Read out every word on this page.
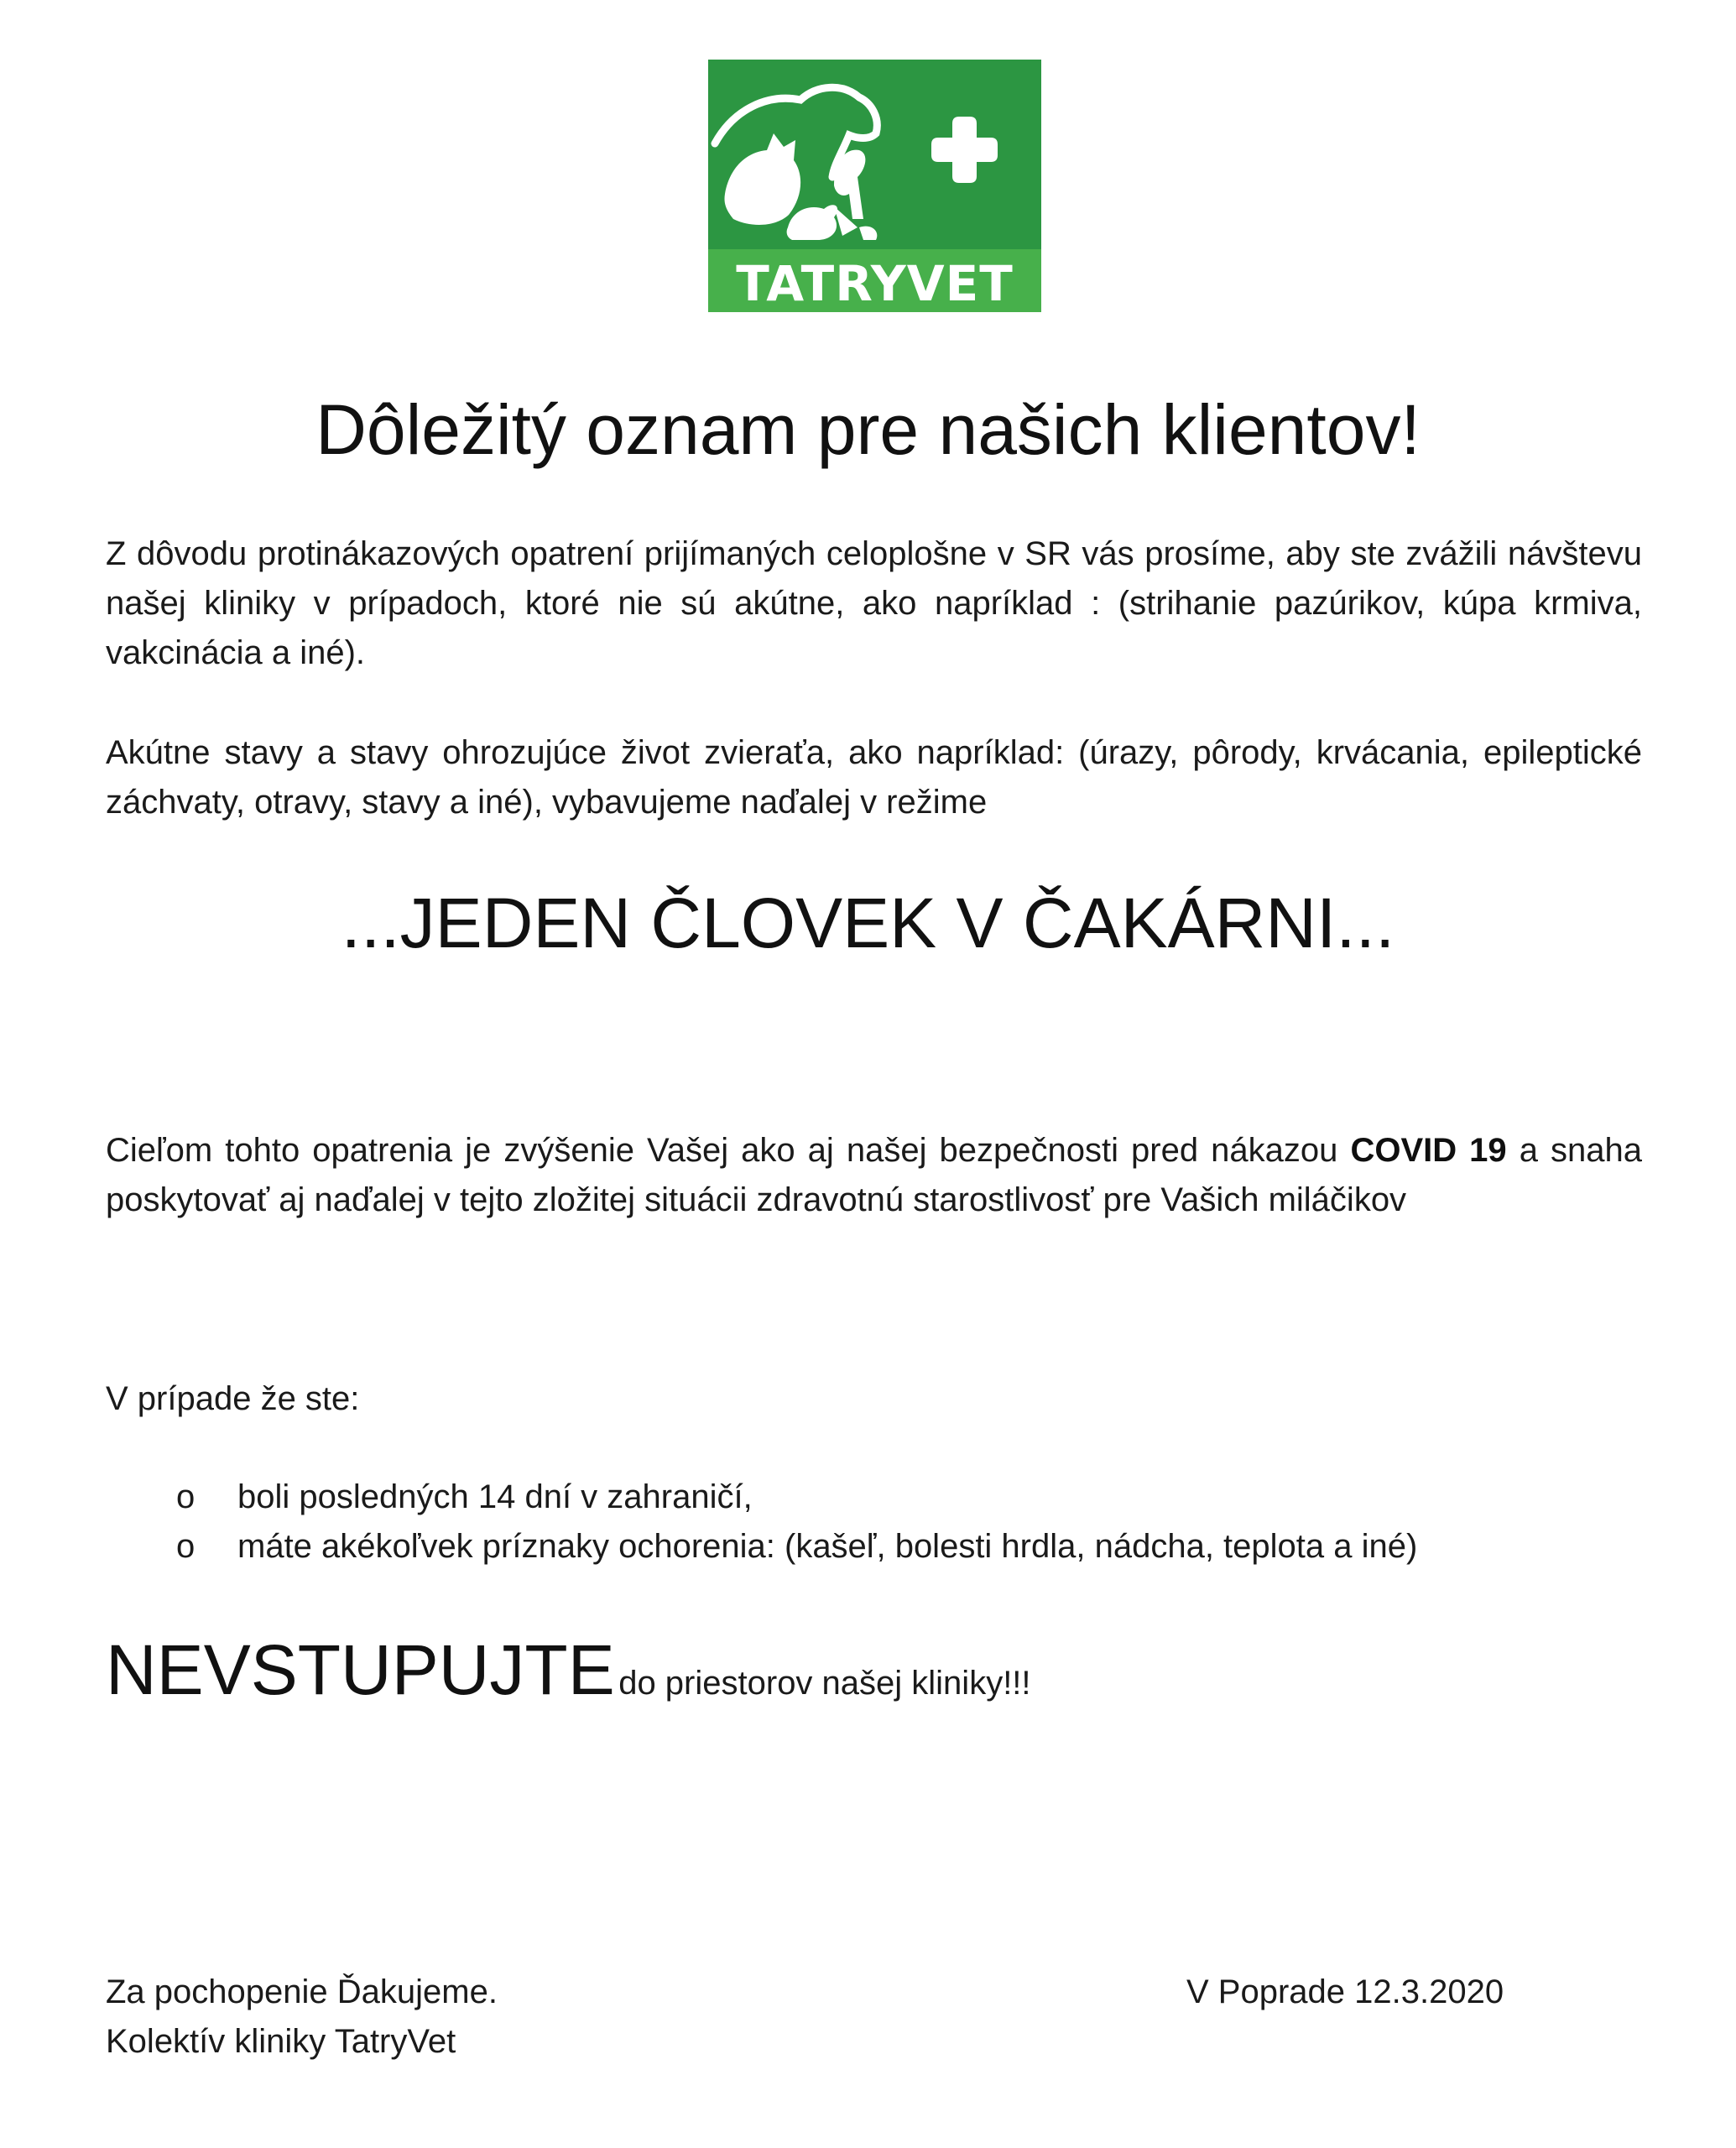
TATRYVET
Dôležitý oznam pre našich klientov!
Z dôvodu protinákazových opatrení prijímaných celoplošne v SR vás prosíme, aby ste zvážili návštevu našej kliniky v prípadoch, ktoré nie sú akútne, ako napríklad : (strihanie pazúrikov, kúpa krmiva, vakcinácia a iné).
Akútne stavy a stavy ohrozujúce život zvieraťa, ako napríklad: (úrazy, pôrody, krvácania, epileptické záchvaty, otravy, stavy a iné), vybavujeme naďalej v režime
...JEDEN ČLOVEK V ČAKÁRNI...
Cieľom tohto opatrenia je zvýšenie Vašej ako aj našej bezpečnosti pred nákazou COVID 19 a snaha poskytovať aj naďalej v tejto zložitej situácii zdravotnú starostlivosť pre Vašich miláčikov
V prípade že ste:
o	boli posledných 14 dní v zahraničí,
o	máte akékoľvek príznaky ochorenia: (kašeľ, bolesti hrdla, nádcha, teplota a iné)
NEVSTUPUJTE do priestorov našej kliniky!!!
Za pochopenie Ďakujeme.
Kolektív kliniky TatryVet
V Poprade 12.3.2020
